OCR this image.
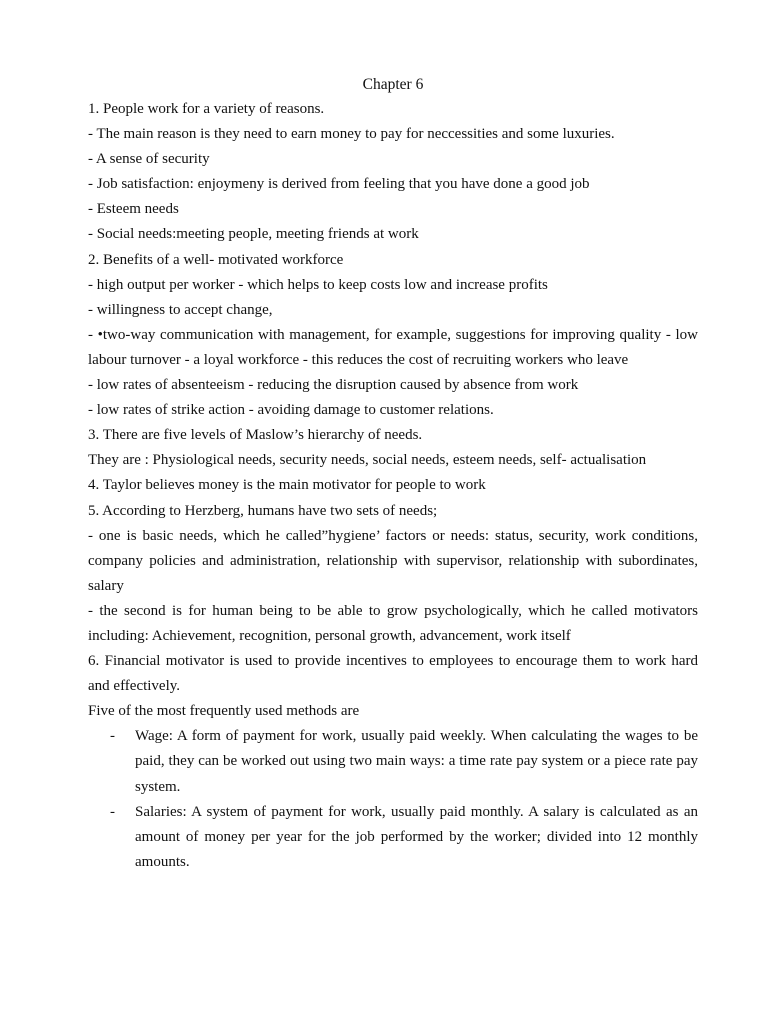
Chapter 6

1. People work for a variety of reasons.

- The main reason is they need to earn money to pay for neccessities and some luxuries.

- A sense of security

- Job satisfaction: enjoymeny is derived from feeling that you have done a good job

- Esteem needs

- Social needs:meeting people, meeting friends at work

2. Benefits of a well- motivated workforce

- high output per worker - which helps to keep costs low and increase profits

- willingness to accept change,

- •two-way communication with management, for example, suggestions for improving quality - low labour turnover - a loyal workforce - this reduces the cost of recruiting workers who leave

- low rates of absenteeism - reducing the disruption caused by absence from work

- low rates of strike action - avoiding damage to customer relations.

3. There are five levels of Maslow’s hierarchy of needs.

They are : Physiological needs, security needs, social needs, esteem needs, self- actualisation

4. Taylor believes money is the main motivator for people to work

5. According to Herzberg, humans have two sets of needs;

- one is basic needs, which he called”hygiene’ factors or needs: status, security, work conditions, company policies and administration, relationship with supervisor, relationship with subordinates, salary

- the second is for human being to be able to grow psychologically, which he called motivators including: Achievement, recognition, personal growth, advancement, work itself

6. Financial motivator is used to provide incentives to employees to encourage them to work hard and effectively.

Five of the most frequently used methods are

- Wage: A form of payment for work, usually paid weekly. When calculating the wages to be paid, they can be worked out using two main ways: a time rate pay system or a piece rate pay system.
- Salaries: A system of payment for work, usually paid monthly. A salary is calculated as an amount of money per year for the job performed by the worker; divided into 12 monthly amounts.
